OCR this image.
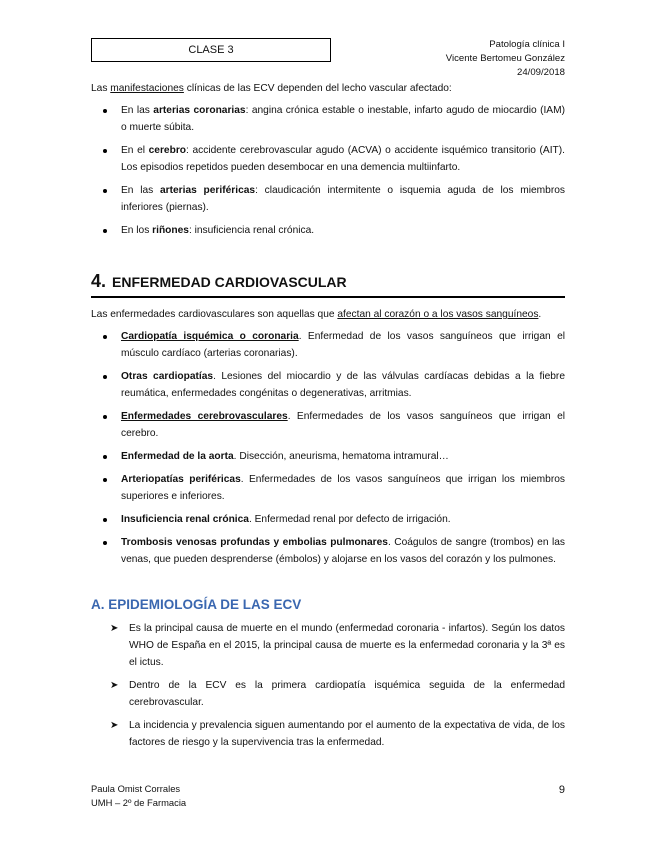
CLASE 3	Patología clínica I
Vicente Bertomeu González
24/09/2018
Las manifestaciones clínicas de las ECV dependen del lecho vascular afectado:
En las arterias coronarias: angina crónica estable o inestable, infarto agudo de miocardio (IAM) o muerte súbita.
En el cerebro: accidente cerebrovascular agudo (ACVA) o accidente isquémico transitorio (AIT). Los episodios repetidos pueden desembocar en una demencia multiinfarto.
En las arterias periféricas: claudicación intermitente o isquemia aguda de los miembros inferiores (piernas).
En los riñones: insuficiencia renal crónica.
4. ENFERMEDAD CARDIOVASCULAR
Las enfermedades cardiovasculares son aquellas que afectan al corazón o a los vasos sanguíneos.
Cardiopatía isquémica o coronaria. Enfermedad de los vasos sanguíneos que irrigan el músculo cardíaco (arterias coronarias).
Otras cardiopatías. Lesiones del miocardio y de las válvulas cardíacas debidas a la fiebre reumática, enfermedades congénitas o degenerativas, arritmias.
Enfermedades cerebrovasculares. Enfermedades de los vasos sanguíneos que irrigan el cerebro.
Enfermedad de la aorta. Disección, aneurisma, hematoma intramural…
Arteriopatías periféricas. Enfermedades de los vasos sanguíneos que irrigan los miembros superiores e inferiores.
Insuficiencia renal crónica. Enfermedad renal por defecto de irrigación.
Trombosis venosas profundas y embolias pulmonares. Coágulos de sangre (trombos) en las venas, que pueden desprenderse (émbolos) y alojarse en los vasos del corazón y los pulmones.
A. EPIDEMIOLOGÍA DE LAS ECV
➤ Es la principal causa de muerte en el mundo (enfermedad coronaria - infartos). Según los datos WHO de España en el 2015, la principal causa de muerte es la enfermedad coronaria y la 3ª es el ictus.
➤ Dentro de la ECV es la primera cardiopatía isquémica seguida de la enfermedad cerebrovascular.
➤ La incidencia y prevalencia siguen aumentando por el aumento de la expectativa de vida, de los factores de riesgo y la supervivencia tras la enfermedad.
Paula Omist Corrales
UMH – 2º de Farmacia
9
